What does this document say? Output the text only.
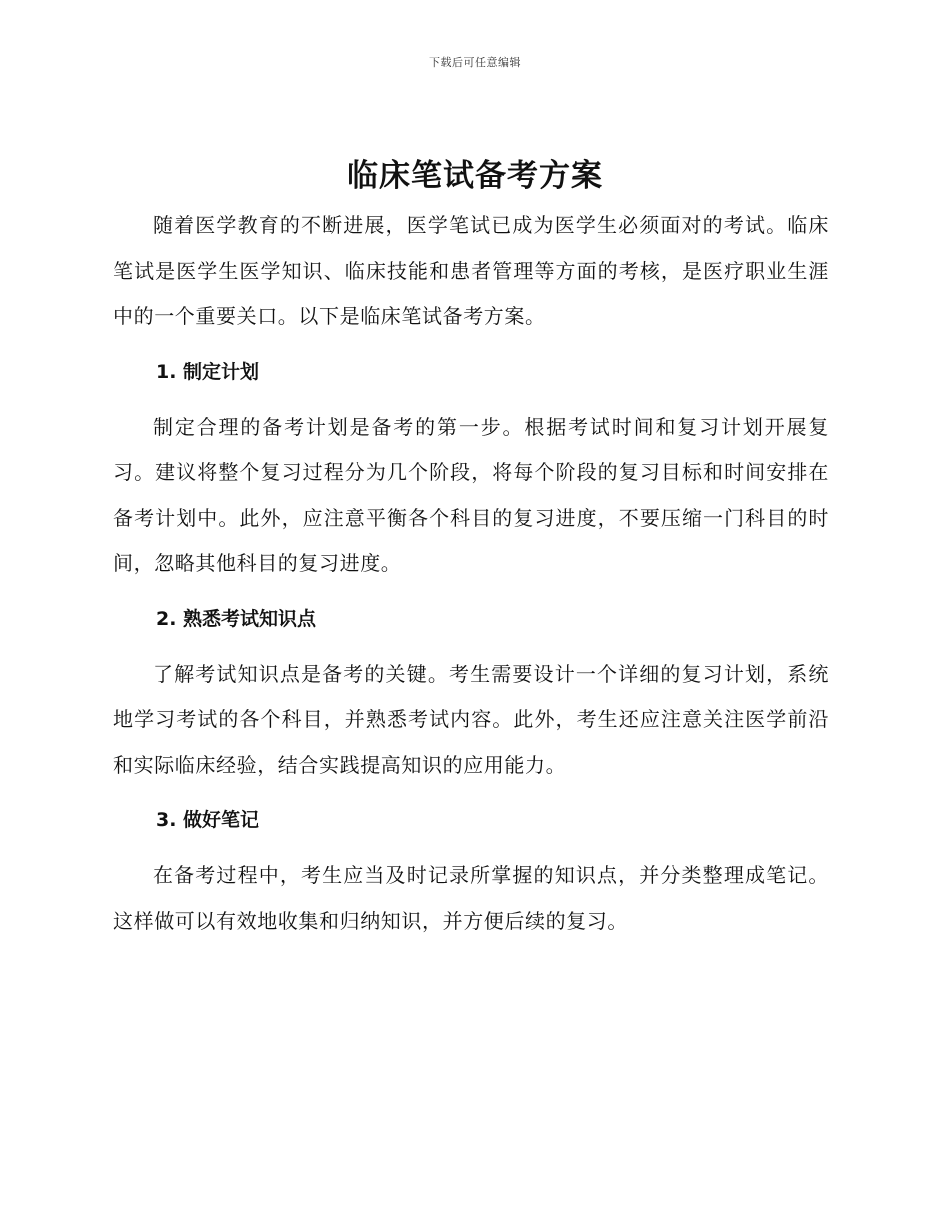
下载后可任意编辑
临床笔试备考方案

随着医学教育的不断进展，医学笔试已成为医学生必须面对的考试。临床笔试是医学生医学知识、临床技能和患者管理等方面的考核，是医疗职业生涯中的一个重要关口。以下是临床笔试备考方案。

1. 制定计划

制定合理的备考计划是备考的第一步。根据考试时间和复习计划开展复习。建议将整个复习过程分为几个阶段，将每个阶段的复习目标和时间安排在备考计划中。此外，应注意平衡各个科目的复习进度，不要压缩一门科目的时间，忽略其他科目的复习进度。

2. 熟悉考试知识点

了解考试知识点是备考的关键。考生需要设计一个详细的复习计划，系统地学习考试的各个科目，并熟悉考试内容。此外，考生还应注意关注医学前沿和实际临床经验，结合实践提高知识的应用能力。

3. 做好笔记

在备考过程中，考生应当及时记录所掌握的知识点，并分类整理成笔记。这样做可以有效地收集和归纳知识，并方便后续的复习。
